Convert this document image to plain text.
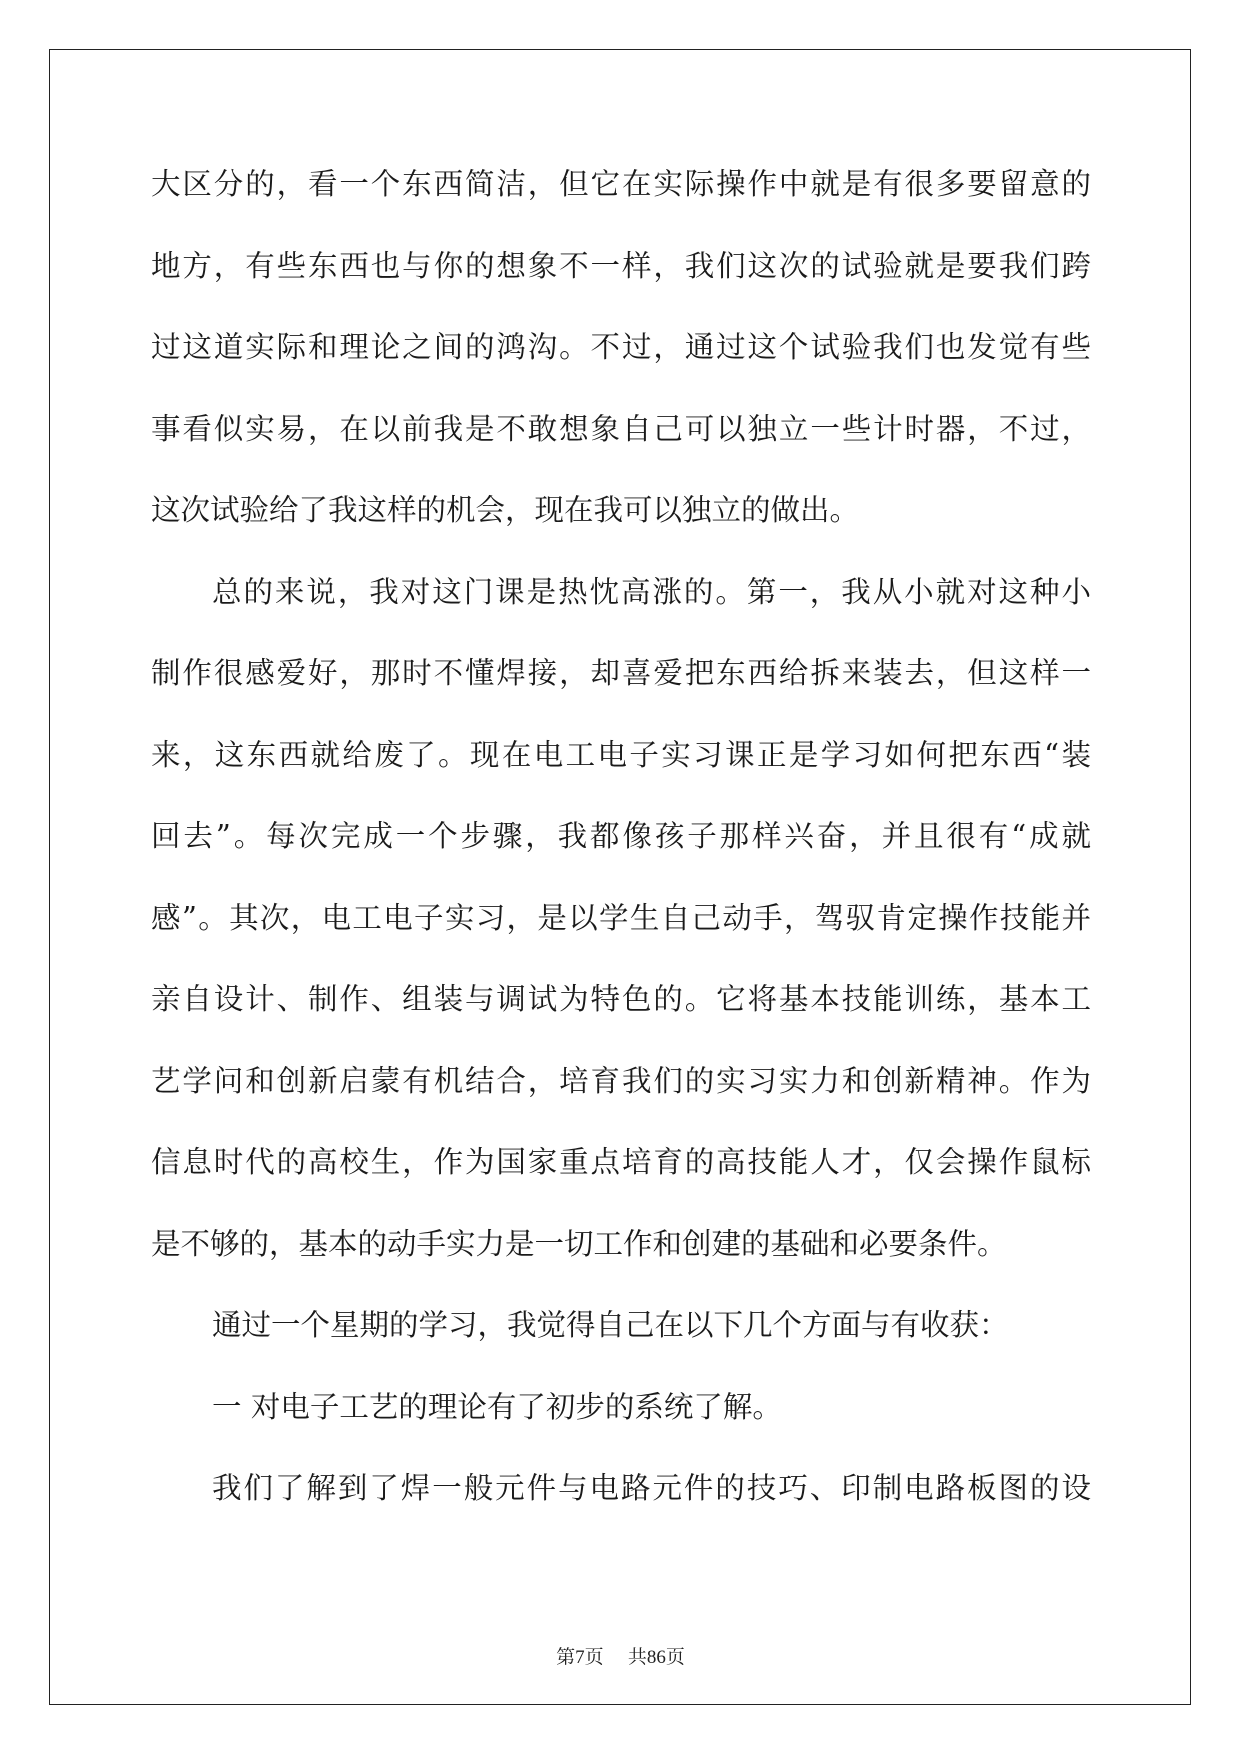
大区分的，看一个东西简洁，但它在实际操作中就是有很多要留意的
地方，有些东西也与你的想象不一样，我们这次的试验就是要我们跨
过这道实际和理论之间的鸿沟。不过，通过这个试验我们也发觉有些
事看似实易，在以前我是不敢想象自己可以独立一些计时器，不过，
这次试验给了我这样的机会，现在我可以独立的做出。
总的来说，我对这门课是热忱高涨的。第一，我从小就对这种小
制作很感爱好，那时不懂焊接，却喜爱把东西给拆来装去，但这样一
来，这东西就给废了。现在电工电子实习课正是学习如何把东西“装
回去”。每次完成一个步骤，我都像孩子那样兴奋，并且很有“成就
感”。其次，电工电子实习，是以学生自己动手，驾驭肯定操作技能并
亲自设计、制作、组装与调试为特色的。它将基本技能训练，基本工
艺学问和创新启蒙有机结合，培育我们的实习实力和创新精神。作为
信息时代的高校生，作为国家重点培育的高技能人才，仅会操作鼠标
是不够的，基本的动手实力是一切工作和创建的基础和必要条件。
通过一个星期的学习，我觉得自己在以下几个方面与有收获：
一 对电子工艺的理论有了初步的系统了解。
我们了解到了焊一般元件与电路元件的技巧、印制电路板图的设
第7页 共86页
